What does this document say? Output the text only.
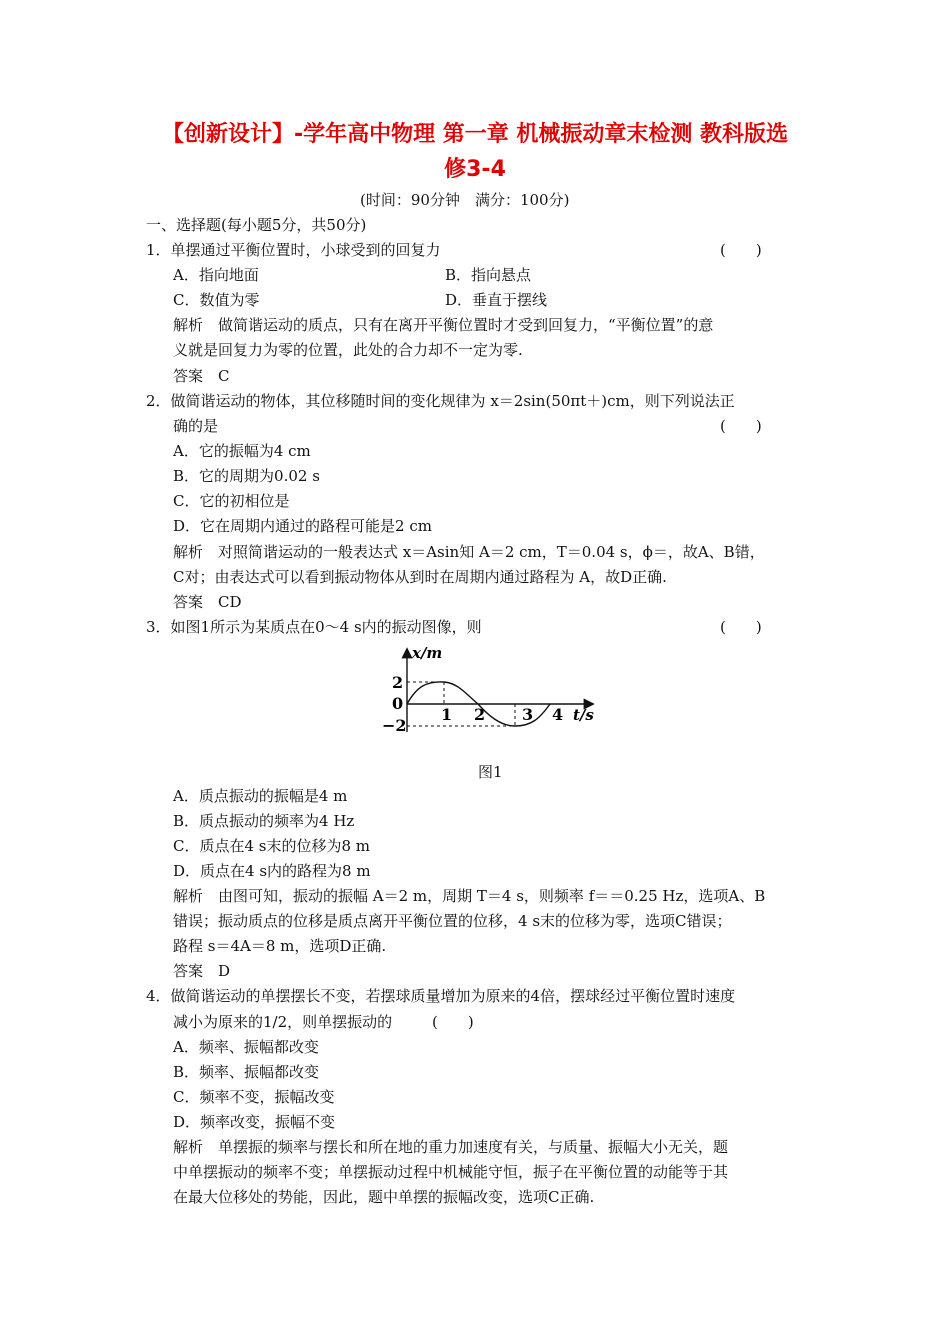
【创新设计】-学年高中物理 第一章 机械振动章末检测 教科版选
修3-4
(时间：90分钟　满分：100分)
一、选择题(每小题5分，共50分)
1．单摆通过平衡位置时，小球受到的回复力	(　　)
A．指向地面	B．指向悬点
C．数值为零	D．垂直于摆线
解析　做简谐运动的质点，只有在离开平衡位置时才受到回复力，“平衡位置”的意
义就是回复力为零的位置，此处的合力却不一定为零.
答案　C
2．做简谐运动的物体，其位移随时间的变化规律为 x＝2sin(50πt＋)cm，则下列说法正
确的是	(　　)
A．它的振幅为4 cm
B．它的周期为0.02 s
C．它的初相位是
D．它在周期内通过的路程可能是2 cm
解析　对照简谐运动的一般表达式 x＝Asin知 A＝2 cm，T＝0.04 s，ϕ＝，故A、B错，
C对；由表达式可以看到振动物体从到时在周期内通过路程为 A，故D正确.
答案　CD
3．如图1所示为某质点在0～4 s内的振动图像，则	(　　)
x/m
2
0
−2
1 2 3 4 t/s
图1
A．质点振动的振幅是4 m
B．质点振动的频率为4 Hz
C．质点在4 s末的位移为8 m
D．质点在4 s内的路程为8 m
解析　由图可知，振动的振幅 A＝2 m，周期 T＝4 s，则频率 f＝＝0.25 Hz，选项A、B
错误；振动质点的位移是质点离开平衡位置的位移，4 s末的位移为零，选项C错误；
路程 s＝4A＝8 m，选项D正确.
答案　D
4．做简谐运动的单摆摆长不变，若摆球质量增加为原来的4倍，摆球经过平衡位置时速度
减小为原来的1/2，则单摆振动的	(　　)
A．频率、振幅都改变
B．频率、振幅都改变
C．频率不变，振幅改变
D．频率改变，振幅不变
解析　单摆振的频率与摆长和所在地的重力加速度有关，与质量、振幅大小无关，题
中单摆振动的频率不变；单摆振动过程中机械能守恒，振子在平衡位置的动能等于其
在最大位移处的势能，因此，题中单摆的振幅改变，选项C正确.
